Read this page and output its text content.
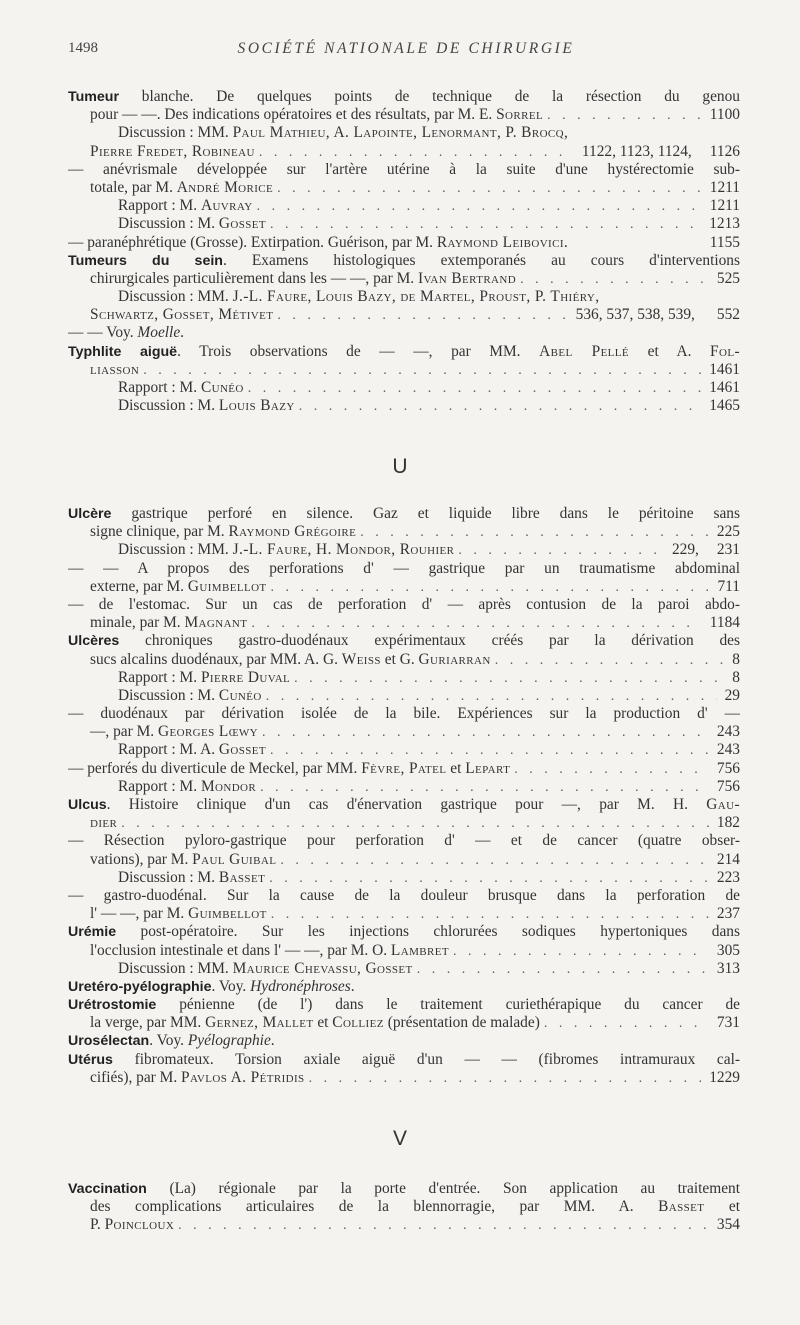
1498	SOCIÉTÉ NATIONALE DE CHIRURGIE
Tumeur blanche. De quelques points de technique de la résection du genou
pour — —. Des indications opératoires et des résultats, par M. E. Sorrel . . .	1100
Discussion : MM. Paul Mathieu, A. Lapointe, Lenormant, P. Brocq,
Pierre Fredet, Robineau . . .	1122, 1123, 1124, 1126
— anévrismale développée sur l'artère utérine à la suite d'une hystérectomie sub-
totale, par M. André Morice . . .	1211
Rapport : M. Auvray . . .	1211
Discussion : M. Gosset . . .	1213
— paranéphrétique (Grosse). Extirpation. Guérison, par M. Raymond Leibovici.	1155
Tumeurs du sein. Examens histologiques extemporanés au cours d'interventions
chirurgicales particulièrement dans les — —, par M. Ivan Bertrand . . .	525
Discussion : MM. J.-L. Faure, Louis Bazy, de Martel, Proust, P. Thiéry,
Schwartz, Gosset, Métivet . . .	536, 537, 538, 539, 552
— — Voy. Moelle.
Typhlite aiguë. Trois observations de — —, par MM. Abel Pellé et A. Fol-
liasson . . .	1461
Rapport : M. Cunéo . . .	1461
Discussion : M. Louis Bazy . . .	1465
U
Ulcère gastrique perforé en silence. Gaz et liquide libre dans le péritoine sans
signe clinique, par M. Raymond Grégoire . . .	225
Discussion : MM. J.-L. Faure, H. Mondor, Rouhier . . .	229, 231
— — A propos des perforations d' — gastrique par un traumatisme abdominal
externe, par M. Guimbellot . . .	711
— de l'estomac. Sur un cas de perforation d' — après contusion de la paroi abdo-
minale, par M. Magnant . . .	1184
Ulcères chroniques gastro-duodénaux expérimentaux créés par la dérivation des
sucs alcalins duodénaux, par MM. A. G. Weiss et G. Guriarran . . .	8
Rapport : M. Pierre Duval . . .	8
Discussion : M. Cunéo . . .	29
— duodénaux par dérivation isolée de la bile. Expériences sur la production d' —
—, par M. Georges Lœwy . . .	243
Rapport : M. A. Gosset . . .	243
— perforés du diverticule de Meckel, par MM. Fèvre, Patel et Lepart . . .	756
Rapport : M. Mondor . . .	756
Ulcus. Histoire clinique d'un cas d'énervation gastrique pour —, par M. H. Gau-
dier . . .	182
— Résection pyloro-gastrique pour perforation d' — et de cancer (quatre obser-
vations), par M. Paul Guibal . . .	214
Discussion : M. Basset . . .	223
— gastro-duodénal. Sur la cause de la douleur brusque dans la perforation de
l' — —, par M. Guimbellot . . .	237
Urémie post-opératoire. Sur les injections chlorurées sodiques hypertoniques dans
l'occlusion intestinale et dans l' — —, par M. O. Lambret . . .	305
Discussion : MM. Maurice Chevassu, Gosset . . .	313
Uretéro-pyélographie. Voy. Hydronéphroses.
Urétrostomie pénienne (de l') dans le traitement curiethérapique du cancer de
la verge, par MM. Gernez, Mallet et Colliez (présentation de malade) . . .	731
Urosélectan. Voy. Pyélographie.
Utérus fibromateux. Torsion axiale aiguë d'un — — (fibromes intramuraux cal-
cifiés), par M. Pavlos A. Pétridis . . .	1229
V
Vaccination (La) régionale par la porte d'entrée. Son application au traitement
des complications articulaires de la blennorragie, par MM. A. Basset et
P. Poincloux . . .	354
